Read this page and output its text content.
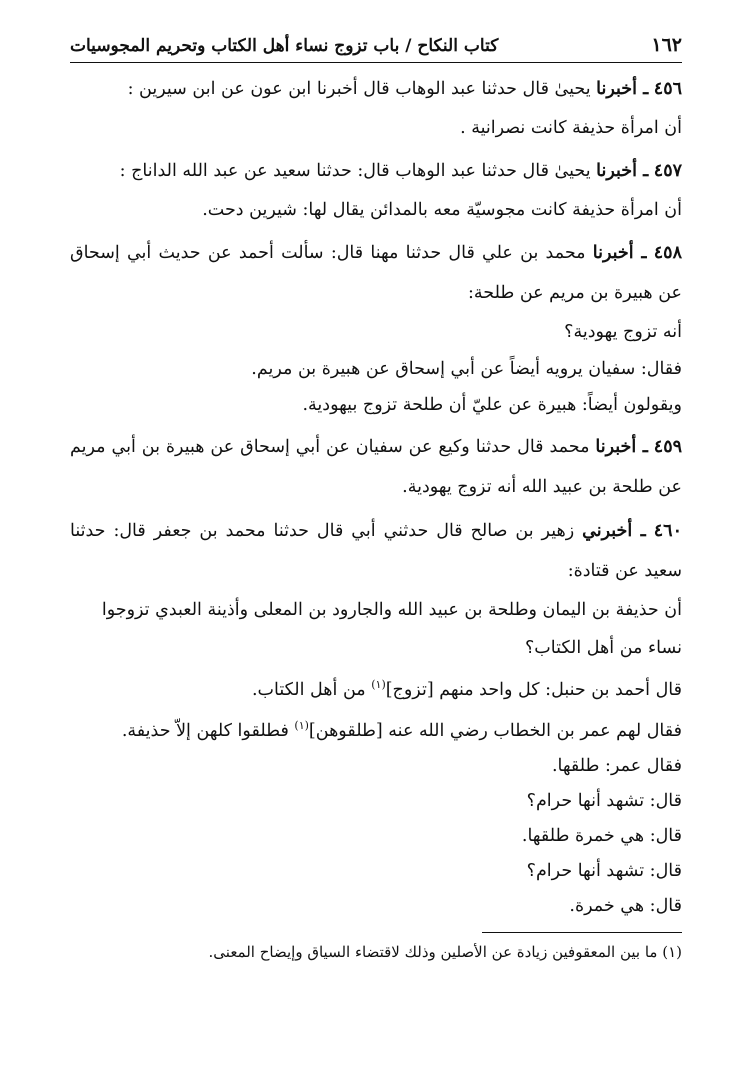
١٦٢
كتاب النكاح / باب تزوج نساء أهل الكتاب وتحريم المجوسيات
٤٥٦ ـ أخبرنا يحيىٰ قال حدثنا عبد الوهاب قال أخبرنا ابن عون عن ابن سيرين :
أن امرأة حذيفة كانت نصرانية .
٤٥٧ ـ أخبرنا يحيىٰ قال حدثنا عبد الوهاب قال: حدثنا سعيد عن عبد الله الداناج :
أن امرأة حذيفة كانت مجوسيّة معه بالمدائن يقال لها: شيرين دحت.
٤٥٨ ـ أخبرنا محمد بن علي قال حدثنا مهنا قال: سألت أحمد عن حديث أبي إسحاق عن هبيرة بن مريم عن طلحة:
أنه تزوج يهودية؟
فقال: سفيان يرويه أيضاً عن أبي إسحاق عن هبيرة بن مريم.
ويقولون أيضاً: هبيرة عن عليّ أن طلحة تزوج بيهودية.
٤٥٩ ـ أخبرنا محمد قال حدثنا وكيع عن سفيان عن أبي إسحاق عن هبيرة بن أبي مريم عن طلحة بن عبيد الله أنه تزوج يهودية.
٤٦٠ ـ أخبرني زهير بن صالح قال حدثني أبي قال حدثنا محمد بن جعفر قال: حدثنا سعيد عن قتادة:
أن حذيفة بن اليمان وطلحة بن عبيد الله والجارود بن المعلى وأذينة العبدي تزوجوا نساء من أهل الكتاب؟
قال أحمد بن حنبل: كل واحد منهم [تزوج]$^{(١)}$ من أهل الكتاب.
فقال لهم عمر بن الخطاب رضي الله عنه [طلقوهن]$^{(١)}$ فطلقوا كلهن إلاّ حذيفة.
فقال عمر: طلقها.
قال: تشهد أنها حرام؟
قال: هي خمرة طلقها.
قال: تشهد أنها حرام؟
قال: هي خمرة.
(١) ما بين المعقوفين زيادة عن الأصلين وذلك لاقتضاء السياق وإيضاح المعنى.
